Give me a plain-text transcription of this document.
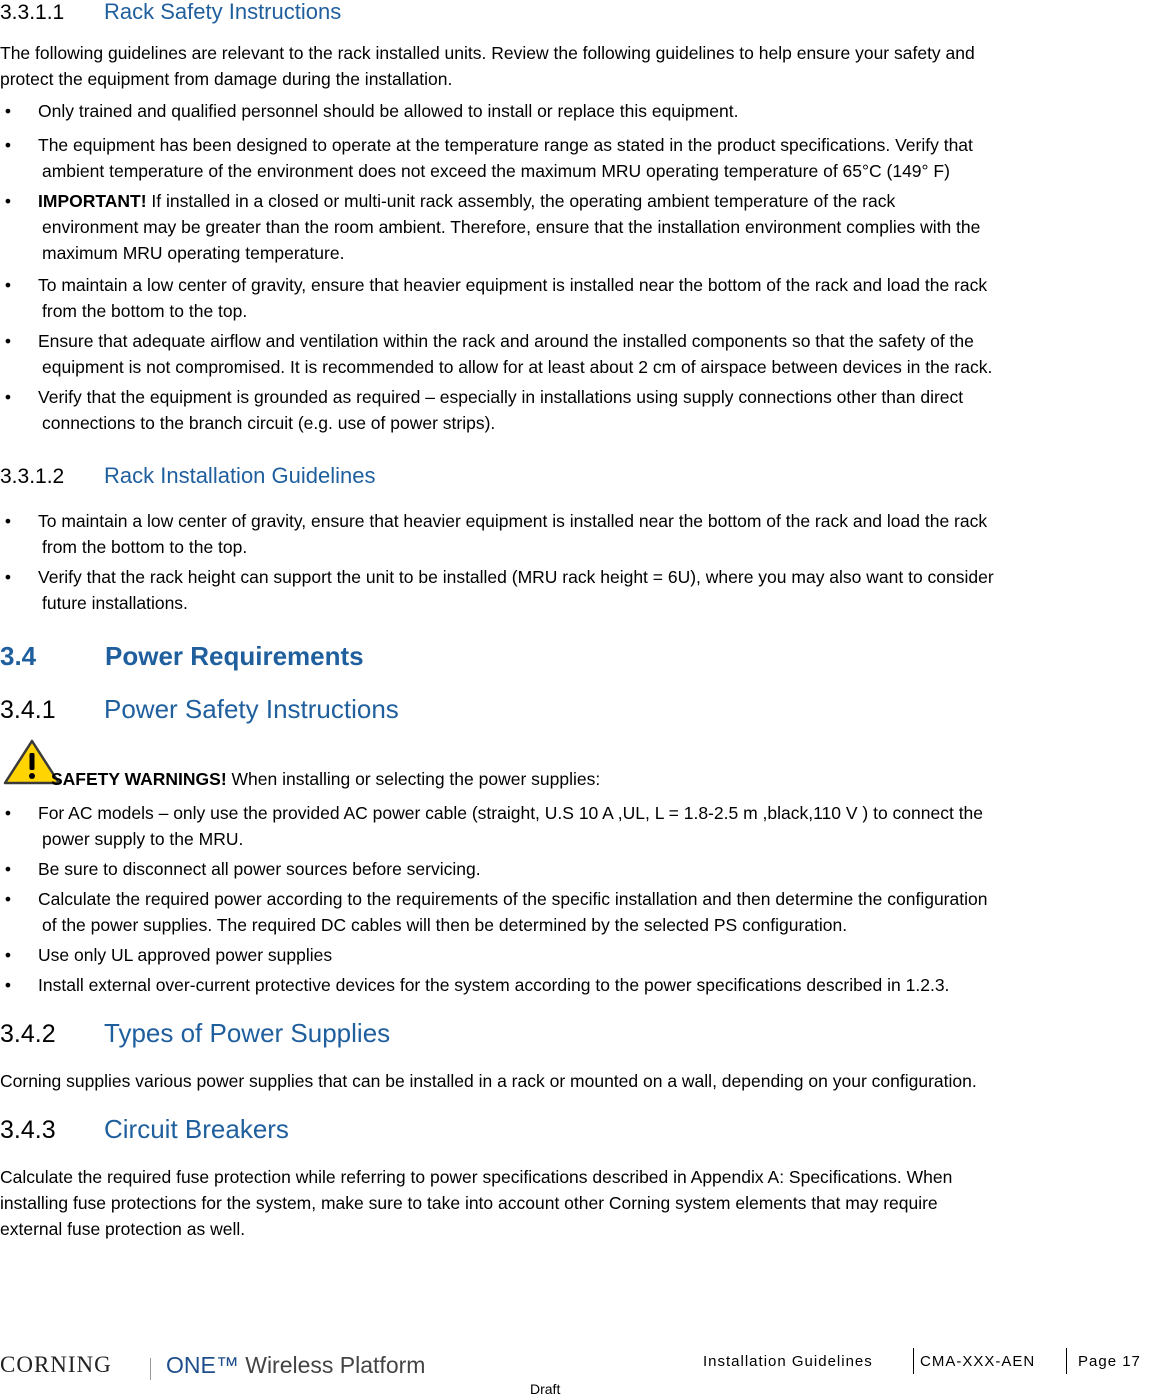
3.3.1.1 Rack Safety Instructions
The following guidelines are relevant to the rack installed units. Review the following guidelines to help ensure your safety and
protect the equipment from damage during the installation.
• Only trained and qualified personnel should be allowed to install or replace this equipment.
• The equipment has been designed to operate at the temperature range as stated in the product specifications. Verify that
ambient temperature of the environment does not exceed the maximum MRU operating temperature of 65°C (149° F)
• IMPORTANT! If installed in a closed or multi-unit rack assembly, the operating ambient temperature of the rack
environment may be greater than the room ambient. Therefore, ensure that the installation environment complies with the
maximum MRU operating temperature.
• To maintain a low center of gravity, ensure that heavier equipment is installed near the bottom of the rack and load the rack
from the bottom to the top.
• Ensure that adequate airflow and ventilation within the rack and around the installed components so that the safety of the
equipment is not compromised. It is recommended to allow for at least about 2 cm of airspace between devices in the rack.
• Verify that the equipment is grounded as required – especially in installations using supply connections other than direct
connections to the branch circuit (e.g. use of power strips).
3.3.1.2 Rack Installation Guidelines
• To maintain a low center of gravity, ensure that heavier equipment is installed near the bottom of the rack and load the rack
from the bottom to the top.
• Verify that the rack height can support the unit to be installed (MRU rack height = 6U), where you may also want to consider
future installations.
3.4	Power Requirements
3.4.1 Power Safety Instructions
SAFETY WARNINGS! When installing or selecting the power supplies:
• For AC models – only use the provided AC power cable (straight, U.S 10 A ,UL, L = 1.8-2.5 m ,black,110 V ) to connect the
power supply to the MRU.
• Be sure to disconnect all power sources before servicing.
• Calculate the required power according to the requirements of the specific installation and then determine the configuration
of the power supplies. The required DC cables will then be determined by the selected PS configuration.
• Use only UL approved power supplies
• Install external over-current protective devices for the system according to the power specifications described in 1.2.3.
3.4.2 Types of Power Supplies
Corning supplies various power supplies that can be installed in a rack or mounted on a wall, depending on your configuration.
3.4.3 Circuit Breakers
Calculate the required fuse protection while referring to power specifications described in Appendix A: Specifications. When
installing fuse protections for the system, make sure to take into account other Corning system elements that may require
external fuse protection as well.
CORNING ONE™ Wireless Platform	Installation Guidelines	CMA-XXX-AEN	Page 17
Draft
